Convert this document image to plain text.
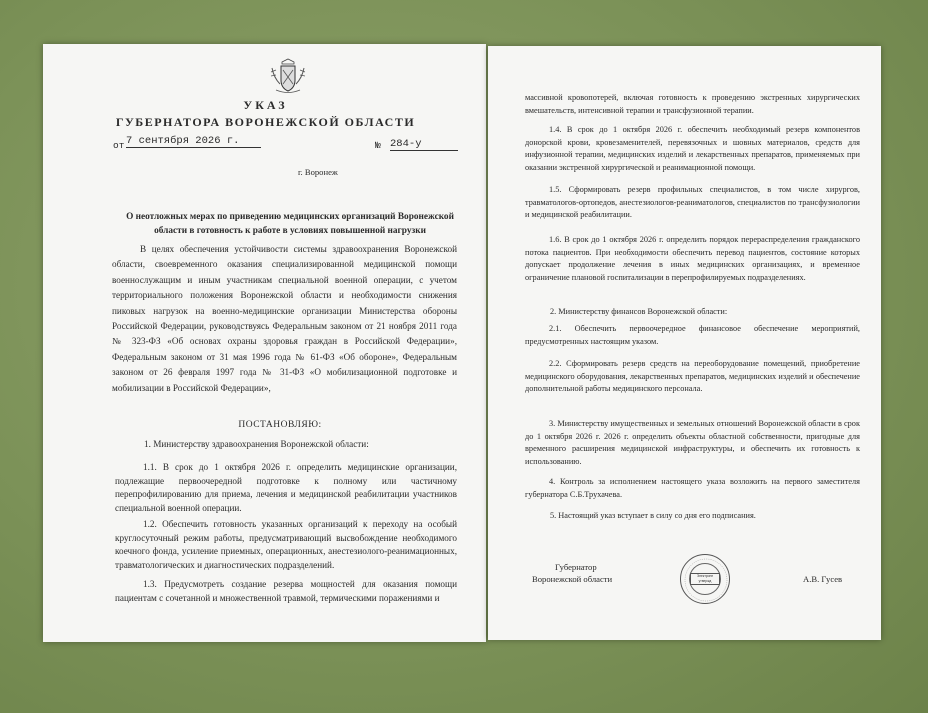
УКАЗ
ГУБЕРНАТОРА ВОРОНЕЖСКОЙ ОБЛАСТИ
от 7 сентября 2026 г.	№ 284-у
г. Воронеж
О неотложных мерах по приведению медицинских организаций Воронежской области в готовность к работе в условиях повышенной нагрузки
В целях обеспечения устойчивости системы здравоохранения Воронежской области, своевременного оказания специализированной медицинской помощи военнослужащим и иным участникам специальной военной операции, с учетом территориального положения Воронежской области и необходимости снижения пиковых нагрузок на военно-медицинские организации Министерства обороны Российской Федерации, руководствуясь Федеральным законом от 21 ноября 2011 года № 323-ФЗ «Об основах охраны здоровья граждан в Российской Федерации», Федеральным законом от 31 мая 1996 года № 61-ФЗ «Об обороне», Федеральным законом от 26 февраля 1997 года № 31-ФЗ «О мобилизационной подготовке и мобилизации в Российской Федерации»,
ПОСТАНОВЛЯЮ:
1. Министерству здравоохранения Воронежской области:
1.1. В срок до 1 октября 2026 г. определить медицинские организации, подлежащие первоочередной подготовке к полному или частичному перепрофилированию для приема, лечения и медицинской реабилитации участников специальной военной операции.
1.2. Обеспечить готовность указанных организаций к переходу на особый круглосуточный режим работы, предусматривающий высвобождение необходимого коечного фонда, усиление приемных, операционных, анестезиолого-реанимационных, травматологических и диагностических подразделений.
1.3. Предусмотреть создание резерва мощностей для оказания помощи пациентам с сочетанной и множественной травмой, термическими поражениями и
массивной кровопотерей, включая готовность к проведению экстренных хирургических вмешательств, интенсивной терапии и трансфузионной терапии.
1.4. В срок до 1 октября 2026 г. обеспечить необходимый резерв компонентов донорской крови, кровезаменителей, перевязочных и шовных материалов, средств для инфузионной терапии, медицинских изделий и лекарственных препаратов, применяемых при оказании экстренной хирургической и реанимационной помощи.
1.5. Сформировать резерв профильных специалистов, в том числе хирургов, травматологов-ортопедов, анестезиологов-реаниматологов, специалистов по трансфузиологии и медицинской реабилитации.
1.6. В срок до 1 октября 2026 г. определить порядок перераспределения гражданского потока пациентов. При необходимости обеспечить перевод пациентов, состояние которых допускает продолжение лечения в иных медицинских организациях, и временное ограничение плановой госпитализации в перепрофилируемых подразделениях.
2. Министерству финансов Воронежской области:
2.1. Обеспечить первоочередное финансовое обеспечение мероприятий, предусмотренных настоящим указом.
2.2. Сформировать резерв средств на переоборудование помещений, приобретение медицинского оборудования, лекарственных препаратов, медицинских изделий и обеспечение дополнительной работы медицинского персонала.
3. Министерству имущественных и земельных отношений Воронежской области в срок до 1 октября 2026 г. 2026 г. определить объекты областной собственности, пригодные для временного расширения медицинской инфраструктуры, и обеспечить их готовность к использованию.
4. Контроль за исполнением настоящего указа возложить на первого заместителя губернатора С.Б.Трухачева.
5. Настоящий указ вступает в силу со дня его подписания.
Губернатор
Воронежской области	А.В. Гусев
Электронн
утвержд
